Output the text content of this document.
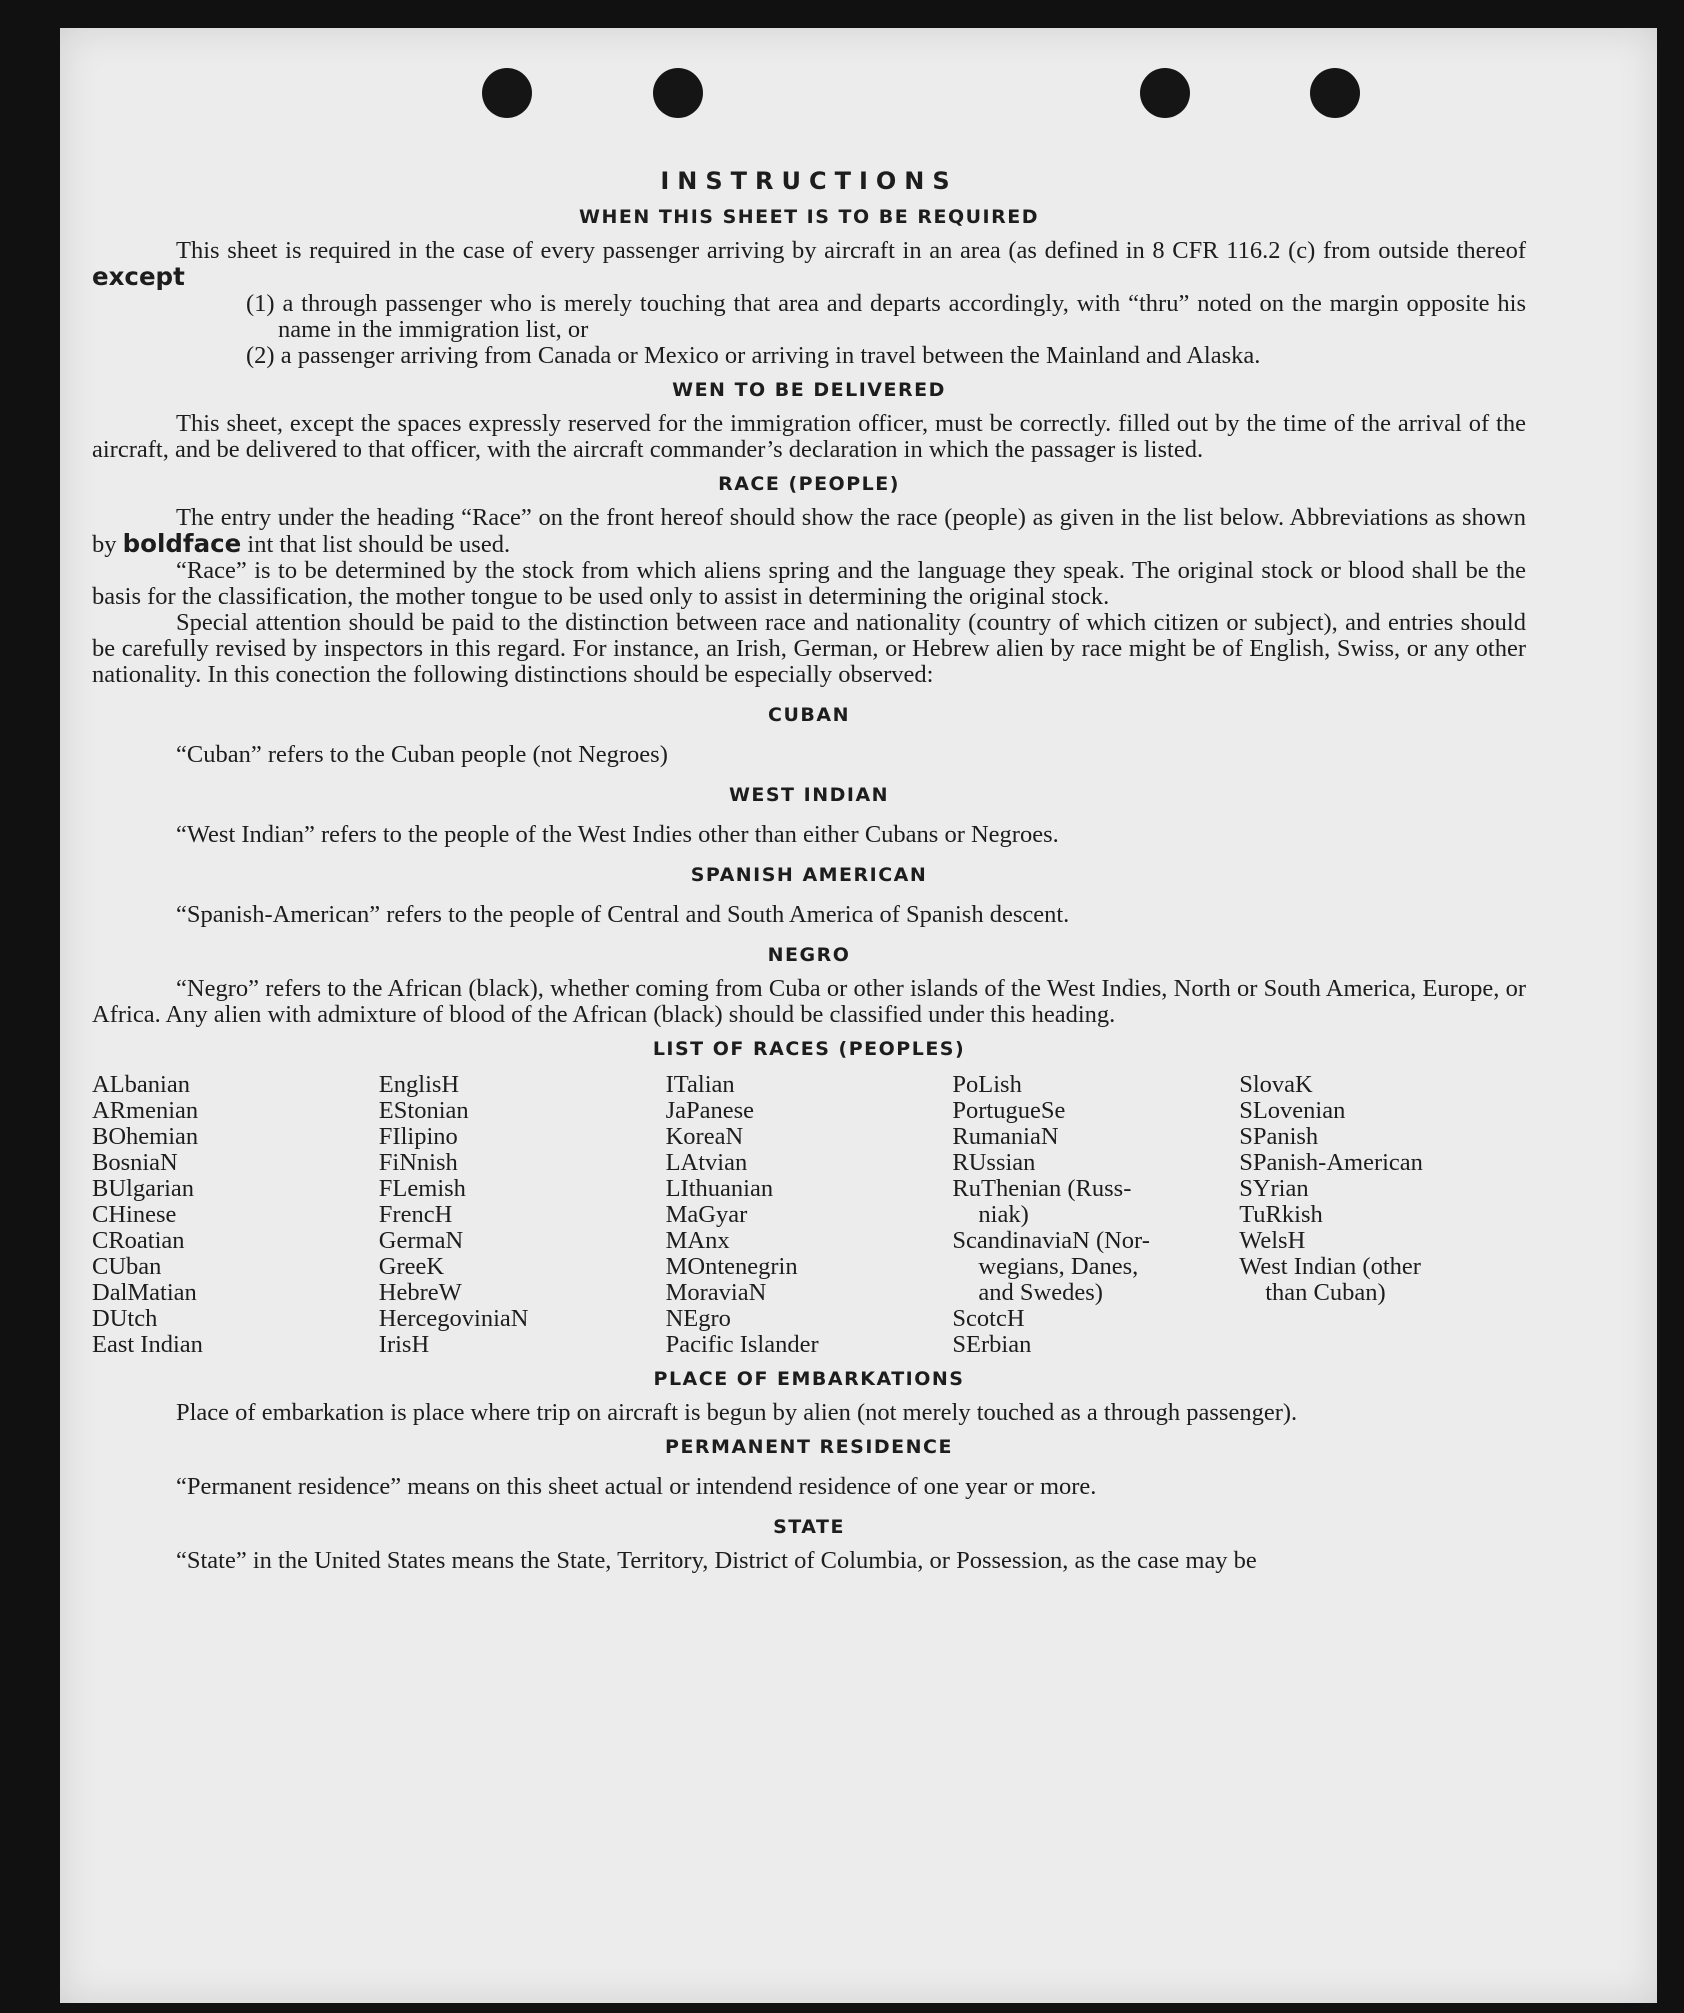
INSTRUCTIONS
WHEN THIS SHEET IS TO BE REQUIRED

This sheet is required in the case of every passenger arriving by aircraft in an area (as defined in 8 CFR 116.2 (c) from outside thereof except

(1) a through passenger who is merely touching that area and departs accordingly, with “thru” noted on the margin opposite his name in the immigration list, or

(2) a passenger arriving from Canada or Mexico or arriving in travel between the Mainland and Alaska.

WEN TO BE DELIVERED

This sheet, except the spaces expressly reserved for the immigration officer, must be correctly. filled out by the time of the arrival of the aircraft, and be delivered to that officer, with the aircraft commander’s declaration in which the passager is listed.

RACE (PEOPLE)

The entry under the heading “Race” on the front hereof should show the race (people) as given in the list below. Abbreviations as shown by boldface int that list should be used.

“Race” is to be determined by the stock from which aliens spring and the language they speak. The original stock or blood shall be the basis for the classification, the mother tongue to be used only to assist in determining the original stock.

Special attention should be paid to the distinction between race and nationality (country of which citizen or subject), and entries should be carefully revised by inspectors in this regard. For instance, an Irish, German, or Hebrew alien by race might be of English, Swiss, or any other nationality. In this conection the following distinctions should be especially observed:

CUBAN

“Cuban” refers to the Cuban people (not Negroes)

WEST INDIAN

“West Indian” refers to the people of the West Indies other than either Cubans or Negroes.

SPANISH AMERICAN

“Spanish-American” refers to the people of Central and South America of Spanish descent.

NEGRO

“Negro” refers to the African (black), whether coming from Cuba or other islands of the West Indies, North or South America, Europe, or Africa. Any alien with admixture of blood of the African (black) should be classified under this heading.

LIST OF RACES (PEOPLES)
ALbanian
ARmenian
BOhemian
BosniaN
BUlgarian
CHinese
CRoatian
CUban
DalMatian
DUtch
East Indian
EnglisH
EStonian
FIlipino
FiNnish
FLemish
FrencH
GermaN
GreeK
HebreW
HercegoviniaN
IrisH
ITalian
JaPanese
KoreaN
LAtvian
LIthuanian
MaGyar
MAnx
MOntenegrin
MoraviaN
NEgro
Pacific Islander
PoLish
PortugueSe
RumaniaN
RUssian
RuThenian (Russ-
niak)
ScandinaviaN (Nor-
wegians, Danes,
and Swedes)
ScotcH
SErbian
SlovaK
SLovenian
SPanish
SPanish-American
SYrian
TuRkish
WelsH
West Indian (other
than Cuban)
PLACE OF EMBARKATIONS

Place of embarkation is place where trip on aircraft is begun by alien (not merely touched as a through passenger).

PERMANENT RESIDENCE

“Permanent residence” means on this sheet actual or intendend residence of one year or more.

STATE

“State” in the United States means the State, Territory, District of Columbia, or Possession, as the case may be
